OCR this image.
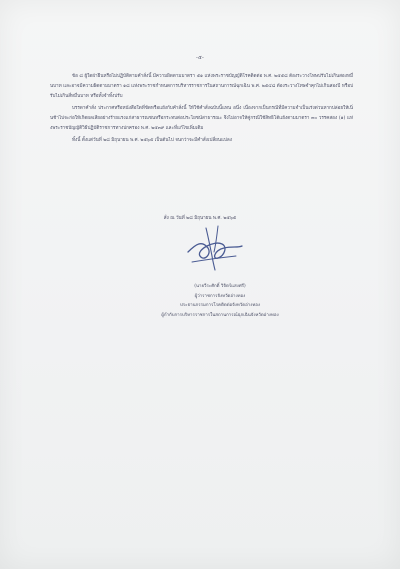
-๕-

ข้อ ๘ ผู้ใดฝ่าฝืนหรือไม่ปฏิบัติตามคำสั่งนี้ มีความผิดตามมาตรา ๕๑ แห่งพระราชบัญญัติโรคติดต่อ พ.ศ. ๒๕๕๘ ต้องระวางโทษปรับไม่เกินสองหมื่นบาท และอาจมีความผิดตามมาตรา ๑๘ แห่งพระราชกำหนดการบริหารราชการในสถานการณ์ฉุกเฉิน พ.ศ. ๒๕๔๘ ต้องระวางโทษจำคุกไม่เกินสองปี หรือปรับไม่เกินสี่หมื่นบาท หรือทั้งจำทั้งปรับ

บรรดาคำสั่ง ประกาศหรือหนังสือใดที่ขัดหรือแย้งกับคำสั่งนี้ ให้ใช้คำสั่งฉบับนี้แทน อนึ่ง เนื่องจากเป็นกรณีที่มีความจำเป็นเร่งด่วนหากปล่อยให้เนิ่นช้าไปจะก่อให้เกิดผลเสียอย่างร้ายแรงแก่สาธารณชนหรือกระทบต่อประโยชน์สาธารณะ จึงไม่อาจให้คู่กรณีใช้สิทธิโต้แย้งตามมาตรา ๓๐ วรรคสอง (๑) แห่งพระราชบัญญัติวิธีปฏิบัติราชการทางปกครอง พ.ศ. ๒๕๓๙ และที่แก้ไขเพิ่มเติม

ทั้งนี้ ตั้งแต่วันที่ ๒๘ มิถุนายน พ.ศ. ๒๕๖๕ เป็นต้นไป จนกว่าจะมีคำสั่งเปลี่ยนแปลง

สั่ง ณ วันที่ ๒๘ มิถุนายน พ.ศ. ๒๕๖๕
(นายวีระศักดิ์ วิจิตร์แสงศรี)
ผู้ว่าราชการจังหวัดอ่างทอง
ประธานกรรมการโรคติดต่อจังหวัดอ่างทอง
ผู้กำกับการบริหารราชการในสถานการณ์ฉุกเฉินจังหวัดอ่างทอง
